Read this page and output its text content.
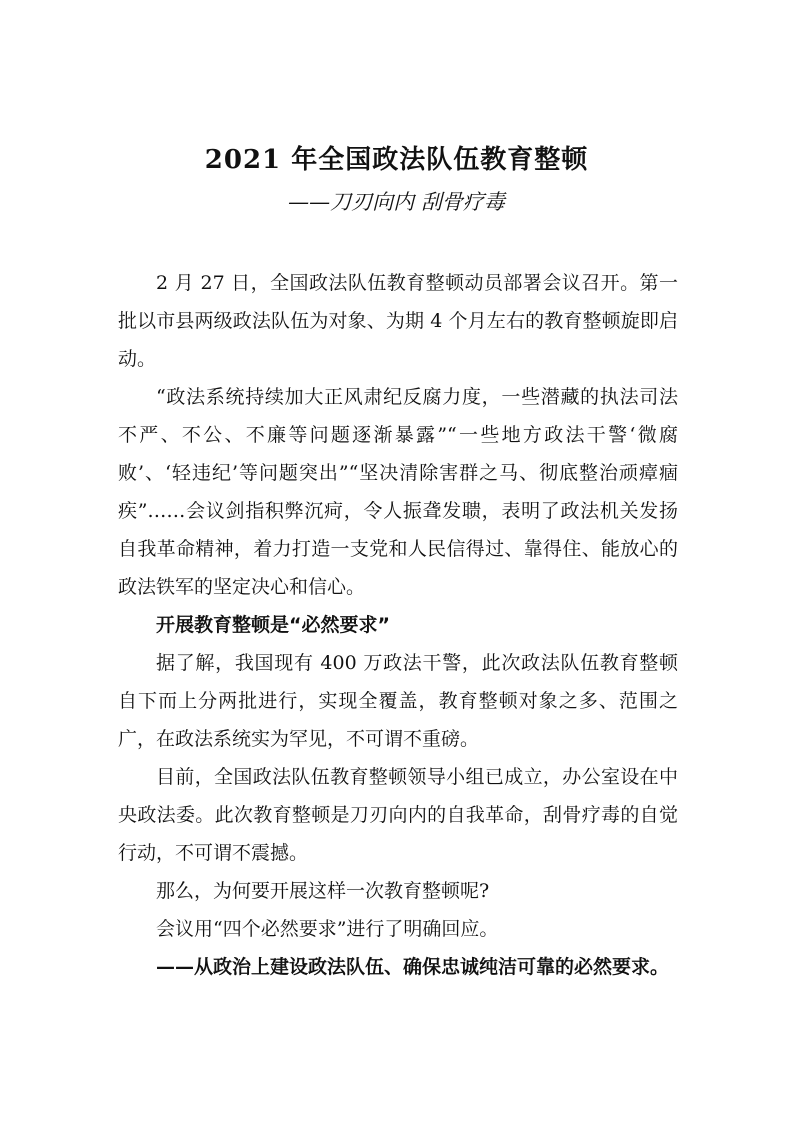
2021 年全国政法队伍教育整顿
——刀刃向内 刮骨疗毒

2 月 27 日，全国政法队伍教育整顿动员部署会议召开。第一批以市县两级政法队伍为对象、为期 4 个月左右的教育整顿旋即启动。

“政法系统持续加大正风肃纪反腐力度，一些潜藏的执法司法不严、不公、不廉等问题逐渐暴露”“一些地方政法干警‘微腐败’、‘轻违纪’等问题突出”“坚决清除害群之马、彻底整治顽瘴痼疾”……会议剑指积弊沉疴，令人振聋发聩，表明了政法机关发扬自我革命精神，着力打造一支党和人民信得过、靠得住、能放心的政法铁军的坚定决心和信心。

开展教育整顿是“必然要求”

据了解，我国现有 400 万政法干警，此次政法队伍教育整顿自下而上分两批进行，实现全覆盖，教育整顿对象之多、范围之广，在政法系统实为罕见，不可谓不重磅。

目前，全国政法队伍教育整顿领导小组已成立，办公室设在中央政法委。此次教育整顿是刀刃向内的自我革命，刮骨疗毒的自觉行动，不可谓不震撼。

那么，为何要开展这样一次教育整顿呢?

会议用“四个必然要求”进行了明确回应。

——从政治上建设政法队伍、确保忠诚纯洁可靠的必然要求。
